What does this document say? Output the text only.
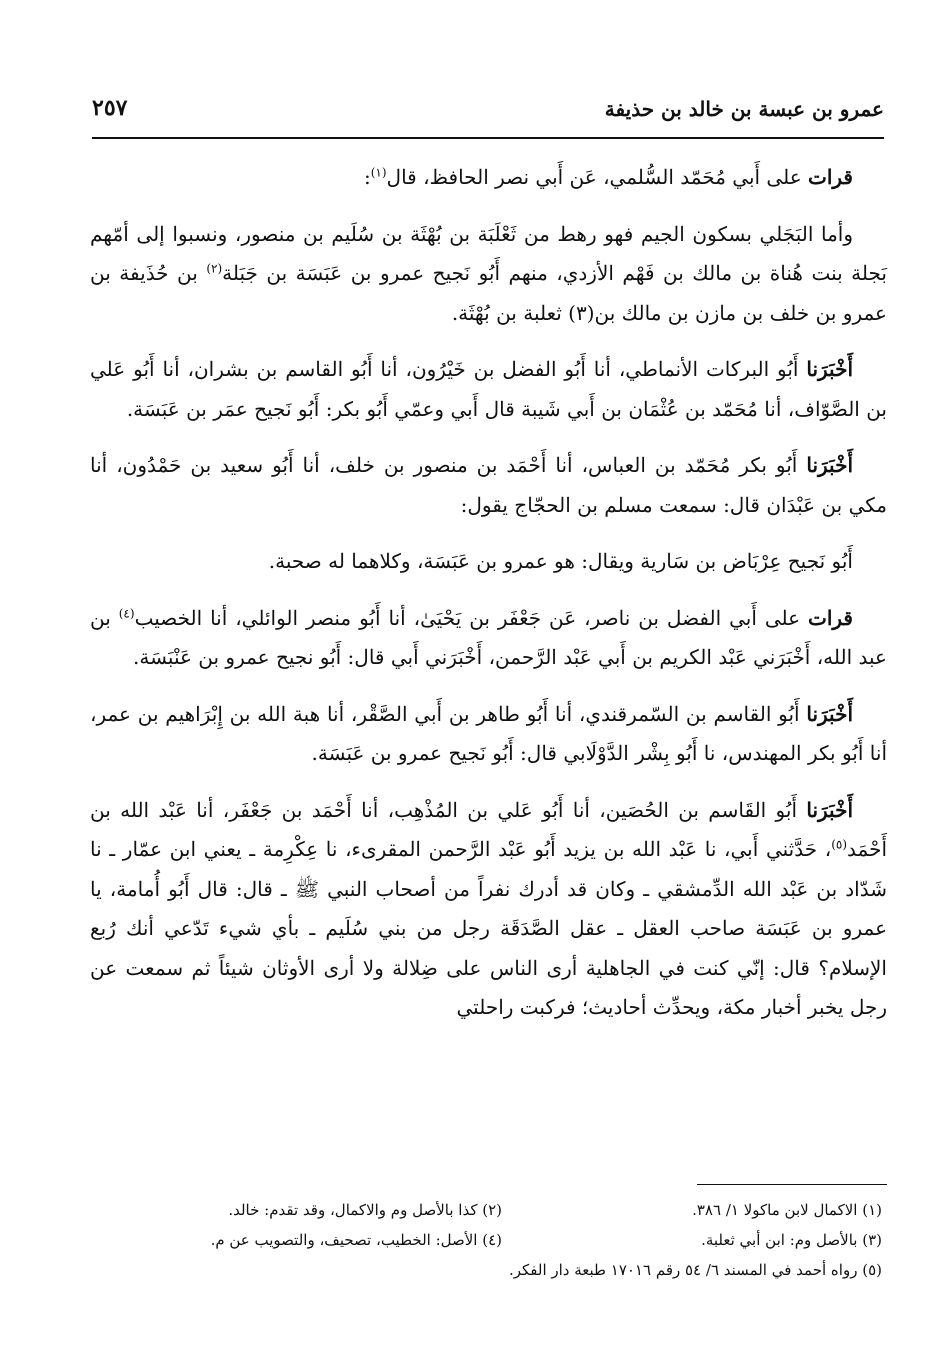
عمرو بن عبسة بن خالد بن حذيفة
٢٥٧

قرات على أَبي مُحَمّد السُّلمي، عَن أَبي نصر الحافظ، قال$^{(١)}$:

وأما البَجَلي بسكون الجيم فهو رهط من ثَعْلَبَة بن بُهْثَة بن سُلَيم بن منصور، ونسبوا إلى أمّهم بَجلة بنت هُناة بن مالك بن فَهْم الأزدي، منهم أَبُو نَجيح عمرو بن عَبَسَة بن جَبَلة$^{(٢)}$ بن حُذَيفة بن عمرو بن خلف بن مازن بن مالك بن(٣) ثعلبة بن بُهْثَة.

أَخْبَرَنا أَبُو البركات الأنماطي، أنا أَبُو الفضل بن خَيْرُون، أنا أَبُو القاسم بن بشران، أنا أَبُو عَلي بن الصَّوّاف، أنا مُحَمّد بن عُثْمَان بن أَبي شَيبة قال أَبي وعمّي أَبُو بكر: أَبُو نَجيح عمَر بن عَبَسَة.

أَخْبَرَنا أَبُو بكر مُحَمّد بن العباس، أنا أَحْمَد بن منصور بن خلف، أنا أَبُو سعيد بن حَمْدُون، أنا مكي بن عَبْدَان قال: سمعت مسلم بن الحجّاج يقول:

أَبُو نَجيح عِرْبَاض بن سَارية ويقال: هو عمرو بن عَبَسَة، وكلاهما له صحبة.

قرات على أَبي الفضل بن ناصر، عَن جَعْفَر بن يَحْيَىٰ، أنا أَبُو منصر الوائلي، أنا الخصيب$^{(٤)}$ بن عبد الله، أَخْبَرَني عَبْد الكريم بن أَبي عَبْد الرَّحمن، أَخْبَرَني أَبي قال: أَبُو نجيح عمرو بن عَنْبَسَة.

أَخْبَرَنا أَبُو القاسم بن السّمرقندي، أنا أَبُو طاهر بن أَبي الصَّقْر، أنا هبة الله بن إِبْرَاهيم بن عمر، أنا أَبُو بكر المهندس، نا أَبُو بِشْر الدَّوْلَابي قال: أَبُو نَجيح عمرو بن عَبَسَة.

أَخْبَرَنا أَبُو القَاسم بن الحُصَين، أنا أَبُو عَلي بن المُذْهِب، أنا أَحْمَد بن جَعْفَر، أنا عَبْد الله بن أَحْمَد$^{(٥)}$، حَدَّثني أَبي، نا عَبْد الله بن يزيد أَبُو عَبْد الرَّحمن المقرىء، نا عِكْرِمة ـ يعني ابن عمّار ـ نا شَدّاد بن عَبْد الله الدِّمشقي ـ وكان قد أدرك نفراً من أصحاب النبي ﷺ ـ قال: قال أَبُو أُمامة، يا عمرو بن عَبَسَة صاحب العقل ـ عقل الصَّدَقَة رجل من بني سُلَيم ـ بأي شيء تَدّعي أنك رُبع الإسلام؟ قال: إنّي كنت في الجاهلية أرى الناس على ضِلالة ولا أرى الأوثان شيئاً ثم سمعت عن رجل يخبر أخبار مكة، ويحدِّث أحاديث؛ فركبت راحلتي

(١) الاكمال لابن ماكولا ١/ ٣٨٦.
(٢) كذا بالأصل وم والاكمال، وقد تقدم: خالد.
(٣) بالأصل وم: ابن أبي ثعلبة.
(٤) الأصل: الخطيب، تصحيف، والتصويب عن م.
(٥) رواه أحمد في المسند ٦/ ٥٤ رقم ١٧٠١٦ طبعة دار الفكر.
